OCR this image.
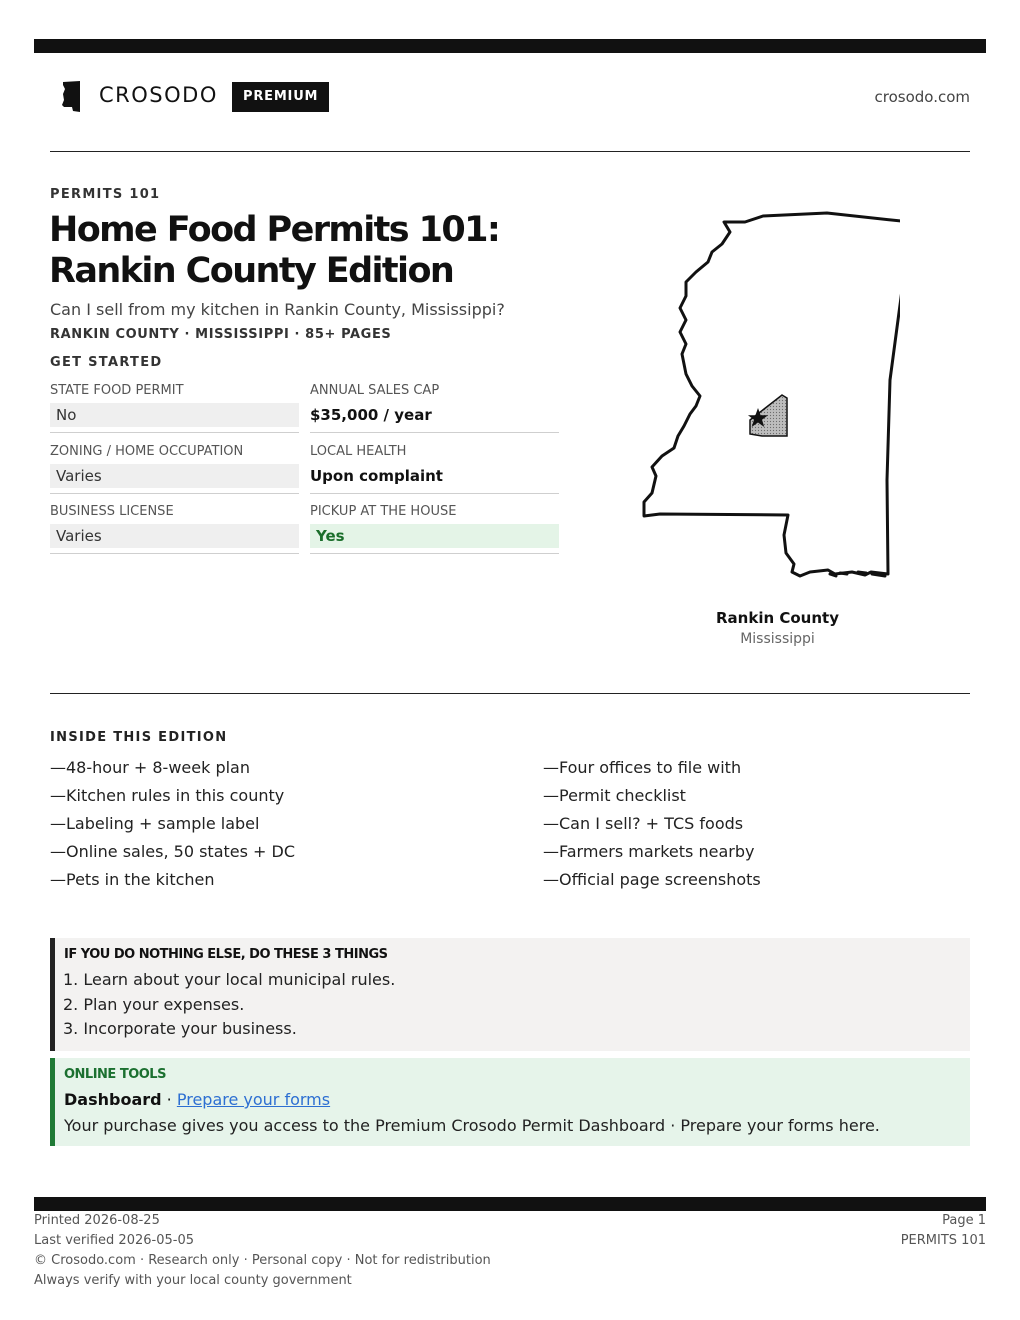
CROSODO	PREMIUM	crosodo.com
PERMITS 101
Home Food Permits 101: Rankin County Edition
Can I sell from my kitchen in Rankin County, Mississippi?
RANKIN COUNTY · MISSISSIPPI · 85+ PAGES
GET STARTED
STATE FOOD PERMIT
No
ANNUAL SALES CAP
$35,000 / year
ZONING / HOME OCCUPATION
Varies
LOCAL HEALTH
Upon complaint
BUSINESS LICENSE
Varies
PICKUP AT THE HOUSE
Yes
Rankin County
Mississippi
INSIDE THIS EDITION
—48-hour + 8-week plan
—Kitchen rules in this county
—Labeling + sample label
—Online sales, 50 states + DC
—Pets in the kitchen
—Four offices to file with
—Permit checklist
—Can I sell? + TCS foods
—Farmers markets nearby
—Official page screenshots
IF YOU DO NOTHING ELSE, DO THESE 3 THINGS
1. Learn about your local municipal rules.
2. Plan your expenses.
3. Incorporate your business.
ONLINE TOOLS
Dashboard · Prepare your forms
Your purchase gives you access to the Premium Crosodo Permit Dashboard · Prepare your forms here.
Printed 2026-08-25
Last verified 2026-05-05
© Crosodo.com · Research only · Personal copy · Not for redistribution
Always verify with your local county government
Page 1
PERMITS 101
